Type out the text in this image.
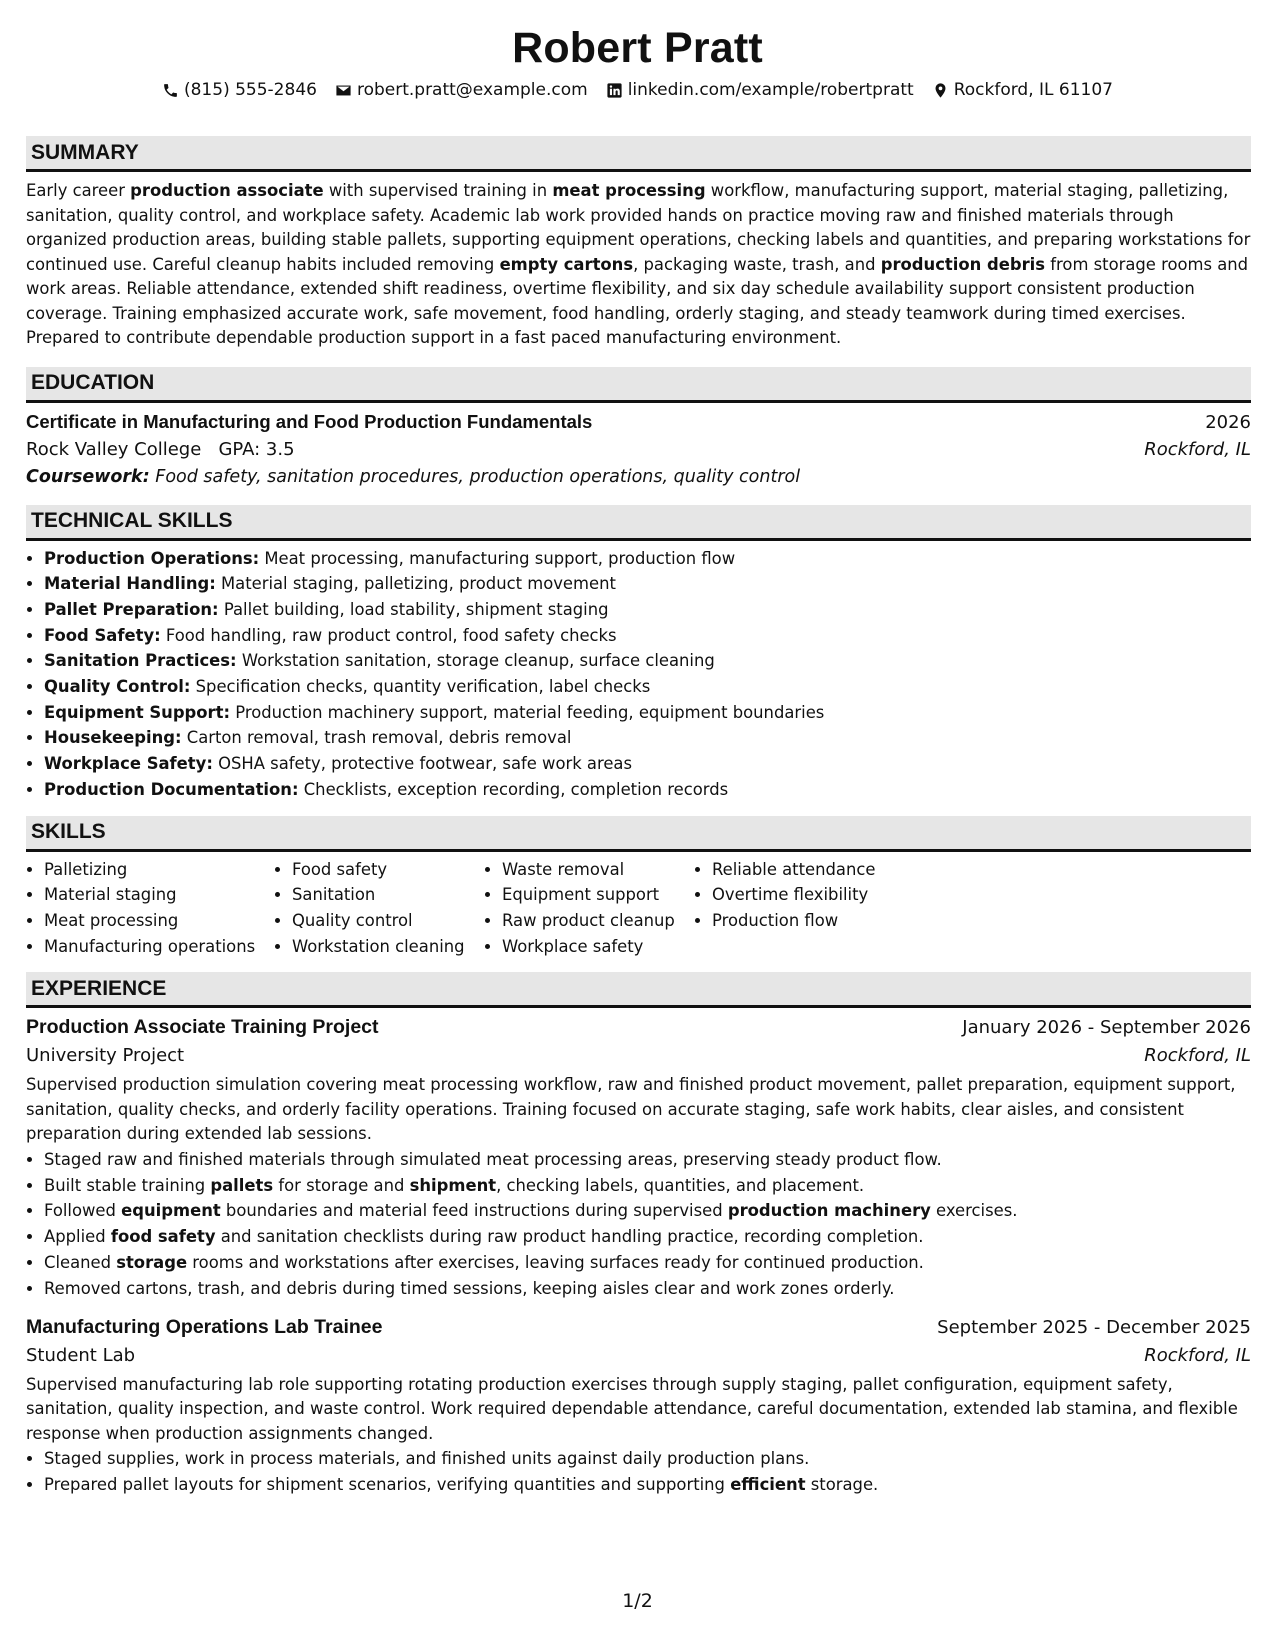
Robert Pratt
(815) 555-2846 robert.pratt@example.com linkedin.com/example/robertpratt Rockford, IL 61107
SUMMARY

Early career production associate with supervised training in meat processing workflow, manufacturing support, material staging, palletizing, sanitation, quality control, and workplace safety. Academic lab work provided hands on practice moving raw and finished materials through organized production areas, building stable pallets, supporting equipment operations, checking labels and quantities, and preparing workstations for continued use. Careful cleanup habits included removing empty cartons, packaging waste, trash, and production debris from storage rooms and work areas. Reliable attendance, extended shift readiness, overtime flexibility, and six day schedule availability support consistent production coverage. Training emphasized accurate work, safe movement, food handling, orderly staging, and steady teamwork during timed exercises. Prepared to contribute dependable production support in a fast paced manufacturing environment.

EDUCATION
Certificate in Manufacturing and Food Production Fundamentals	2026
Rock Valley College GPA: 3.5	Rockford, IL
Coursework: Food safety, sanitation procedures, production operations, quality control
TECHNICAL SKILLS
• Production Operations: Meat processing, manufacturing support, production flow
• Material Handling: Material staging, palletizing, product movement
• Pallet Preparation: Pallet building, load stability, shipment staging
• Food Safety: Food handling, raw product control, food safety checks
• Sanitation Practices: Workstation sanitation, storage cleanup, surface cleaning
• Quality Control: Specification checks, quantity verification, label checks
• Equipment Support: Production machinery support, material feeding, equipment boundaries
• Housekeeping: Carton removal, trash removal, debris removal
• Workplace Safety: OSHA safety, protective footwear, safe work areas
• Production Documentation: Checklists, exception recording, completion records
SKILLS
• Palletizing
• Material staging
• Meat processing
• Manufacturing operations
• Food safety
• Sanitation
• Quality control
• Workstation cleaning
• Waste removal
• Equipment support
• Raw product cleanup
• Workplace safety
• Reliable attendance
• Overtime flexibility
• Production flow
EXPERIENCE
Production Associate Training Project	January 2026 - September 2026
University Project	Rockford, IL

Supervised production simulation covering meat processing workflow, raw and finished product movement, pallet preparation, equipment support, sanitation, quality checks, and orderly facility operations. Training focused on accurate staging, safe work habits, clear aisles, and consistent preparation during extended lab sessions.

• Staged raw and finished materials through simulated meat processing areas, preserving steady product flow.
• Built stable training pallets for storage and shipment, checking labels, quantities, and placement.
• Followed equipment boundaries and material feed instructions during supervised production machinery exercises.
• Applied food safety and sanitation checklists during raw product handling practice, recording completion.
• Cleaned storage rooms and workstations after exercises, leaving surfaces ready for continued production.
• Removed cartons, trash, and debris during timed sessions, keeping aisles clear and work zones orderly.
Manufacturing Operations Lab Trainee	September 2025 - December 2025
Student Lab	Rockford, IL

Supervised manufacturing lab role supporting rotating production exercises through supply staging, pallet configuration, equipment safety, sanitation, quality inspection, and waste control. Work required dependable attendance, careful documentation, extended lab stamina, and flexible response when production assignments changed.

• Staged supplies, work in process materials, and finished units against daily production plans.
• Prepared pallet layouts for shipment scenarios, verifying quantities and supporting efficient storage.
1/2
